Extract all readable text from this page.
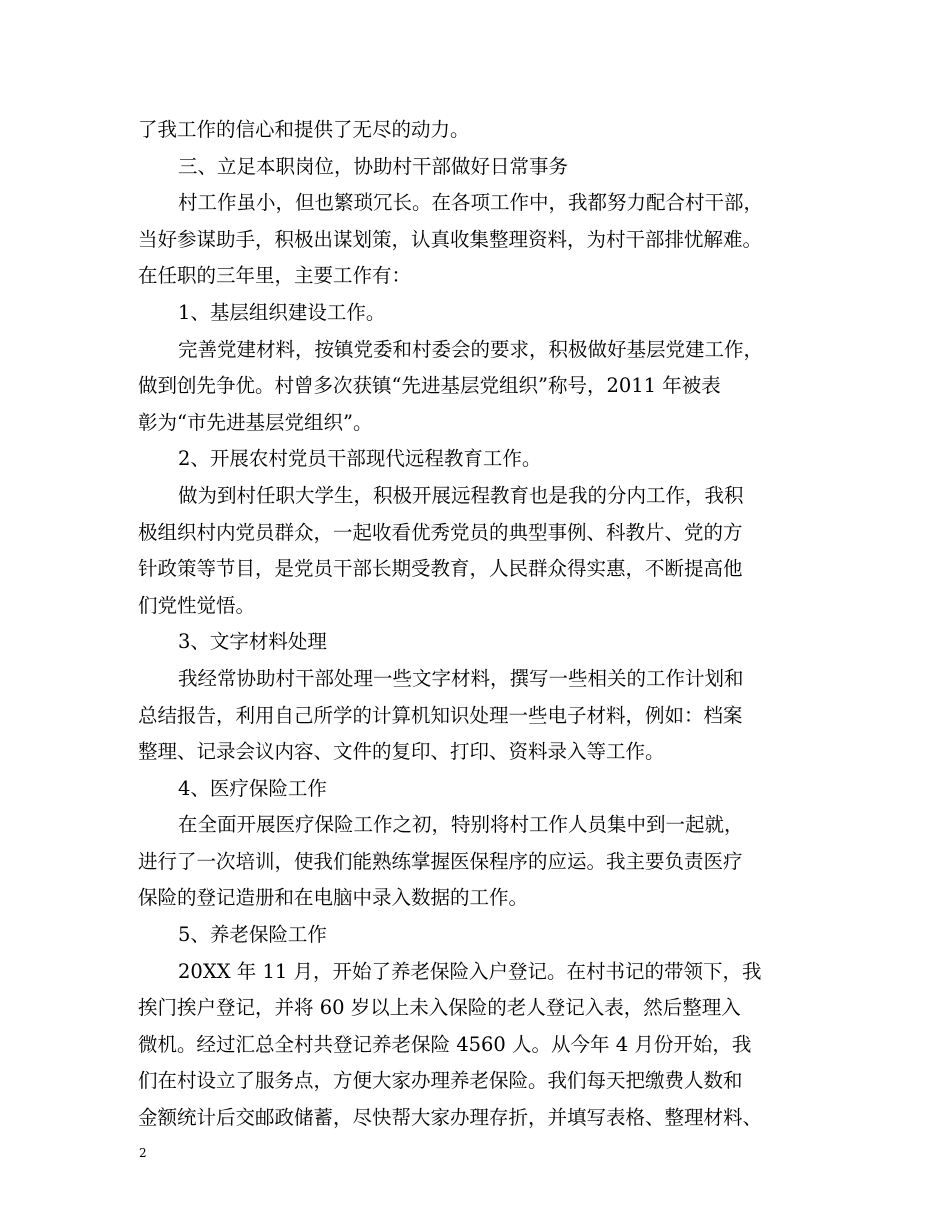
了我工作的信心和提供了无尽的动力。
三、立足本职岗位，协助村干部做好日常事务
村工作虽小，但也繁琐冗长。在各项工作中，我都努力配合村干部，
当好参谋助手，积极出谋划策，认真收集整理资料，为村干部排忧解难。
在任职的三年里，主要工作有：
1、基层组织建设工作。
完善党建材料，按镇党委和村委会的要求，积极做好基层党建工作，
做到创先争优。村曾多次获镇“先进基层党组织”称号，2011 年被表
彰为“市先进基层党组织”。
2、开展农村党员干部现代远程教育工作。
做为到村任职大学生，积极开展远程教育也是我的分内工作，我积
极组织村内党员群众，一起收看优秀党员的典型事例、科教片、党的方
针政策等节目，是党员干部长期受教育，人民群众得实惠，不断提高他
们党性觉悟。
3、文字材料处理
我经常协助村干部处理一些文字材料，撰写一些相关的工作计划和
总结报告，利用自己所学的计算机知识处理一些电子材料，例如：档案
整理、记录会议内容、文件的复印、打印、资料录入等工作。
4、医疗保险工作
在全面开展医疗保险工作之初，特别将村工作人员集中到一起就，
进行了一次培训，使我们能熟练掌握医保程序的应运。我主要负责医疗
保险的登记造册和在电脑中录入数据的工作。
5、养老保险工作
20XX 年 11 月，开始了养老保险入户登记。在村书记的带领下，我
挨门挨户登记，并将 60 岁以上未入保险的老人登记入表，然后整理入
微机。经过汇总全村共登记养老保险 4560 人。从今年 4 月份开始，我
们在村设立了服务点，方便大家办理养老保险。我们每天把缴费人数和
金额统计后交邮政储蓄，尽快帮大家办理存折，并填写表格、整理材料、
2
